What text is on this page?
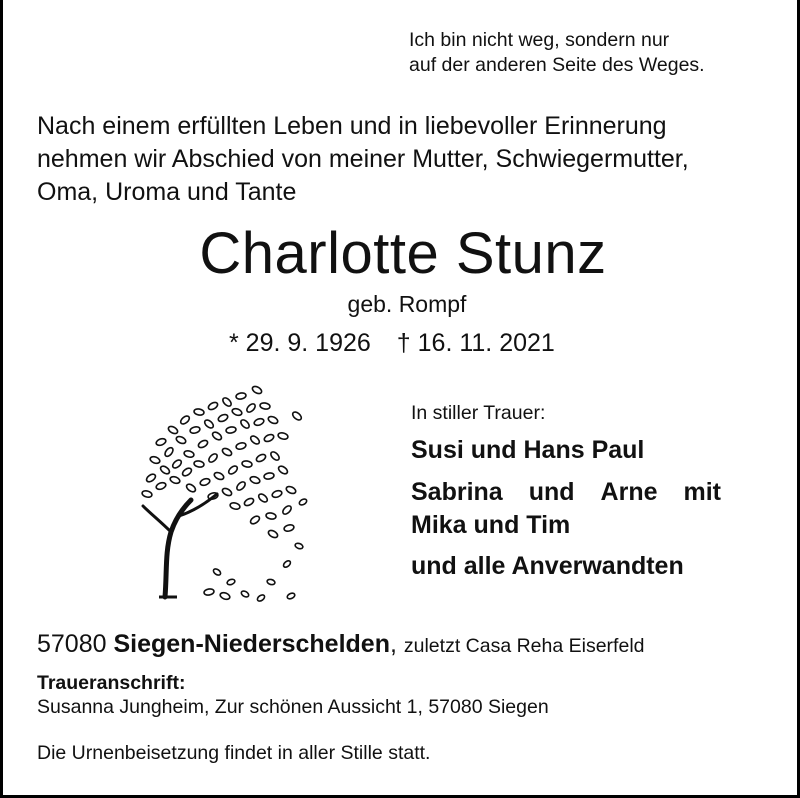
Ich bin nicht weg, sondern nur
auf der anderen Seite des Weges.
Nach einem erfüllten Leben und in liebevoller Erinnerung
nehmen wir Abschied von meiner Mutter, Schwiegermutter,
Oma, Uroma und Tante
Charlotte Stunz
geb. Rompf
* 29. 9. 1926 † 16. 11. 2021
In stiller Trauer:
Susi und Hans Paul
Sabrina und Arne mit
Mika und Tim
und alle Anverwandten
57080 Siegen-Niederschelden, zuletzt Casa Reha Eiserfeld
Traueranschrift:
Susanna Jungheim, Zur schönen Aussicht 1, 57080 Siegen
Die Urnenbeisetzung findet in aller Stille statt.
